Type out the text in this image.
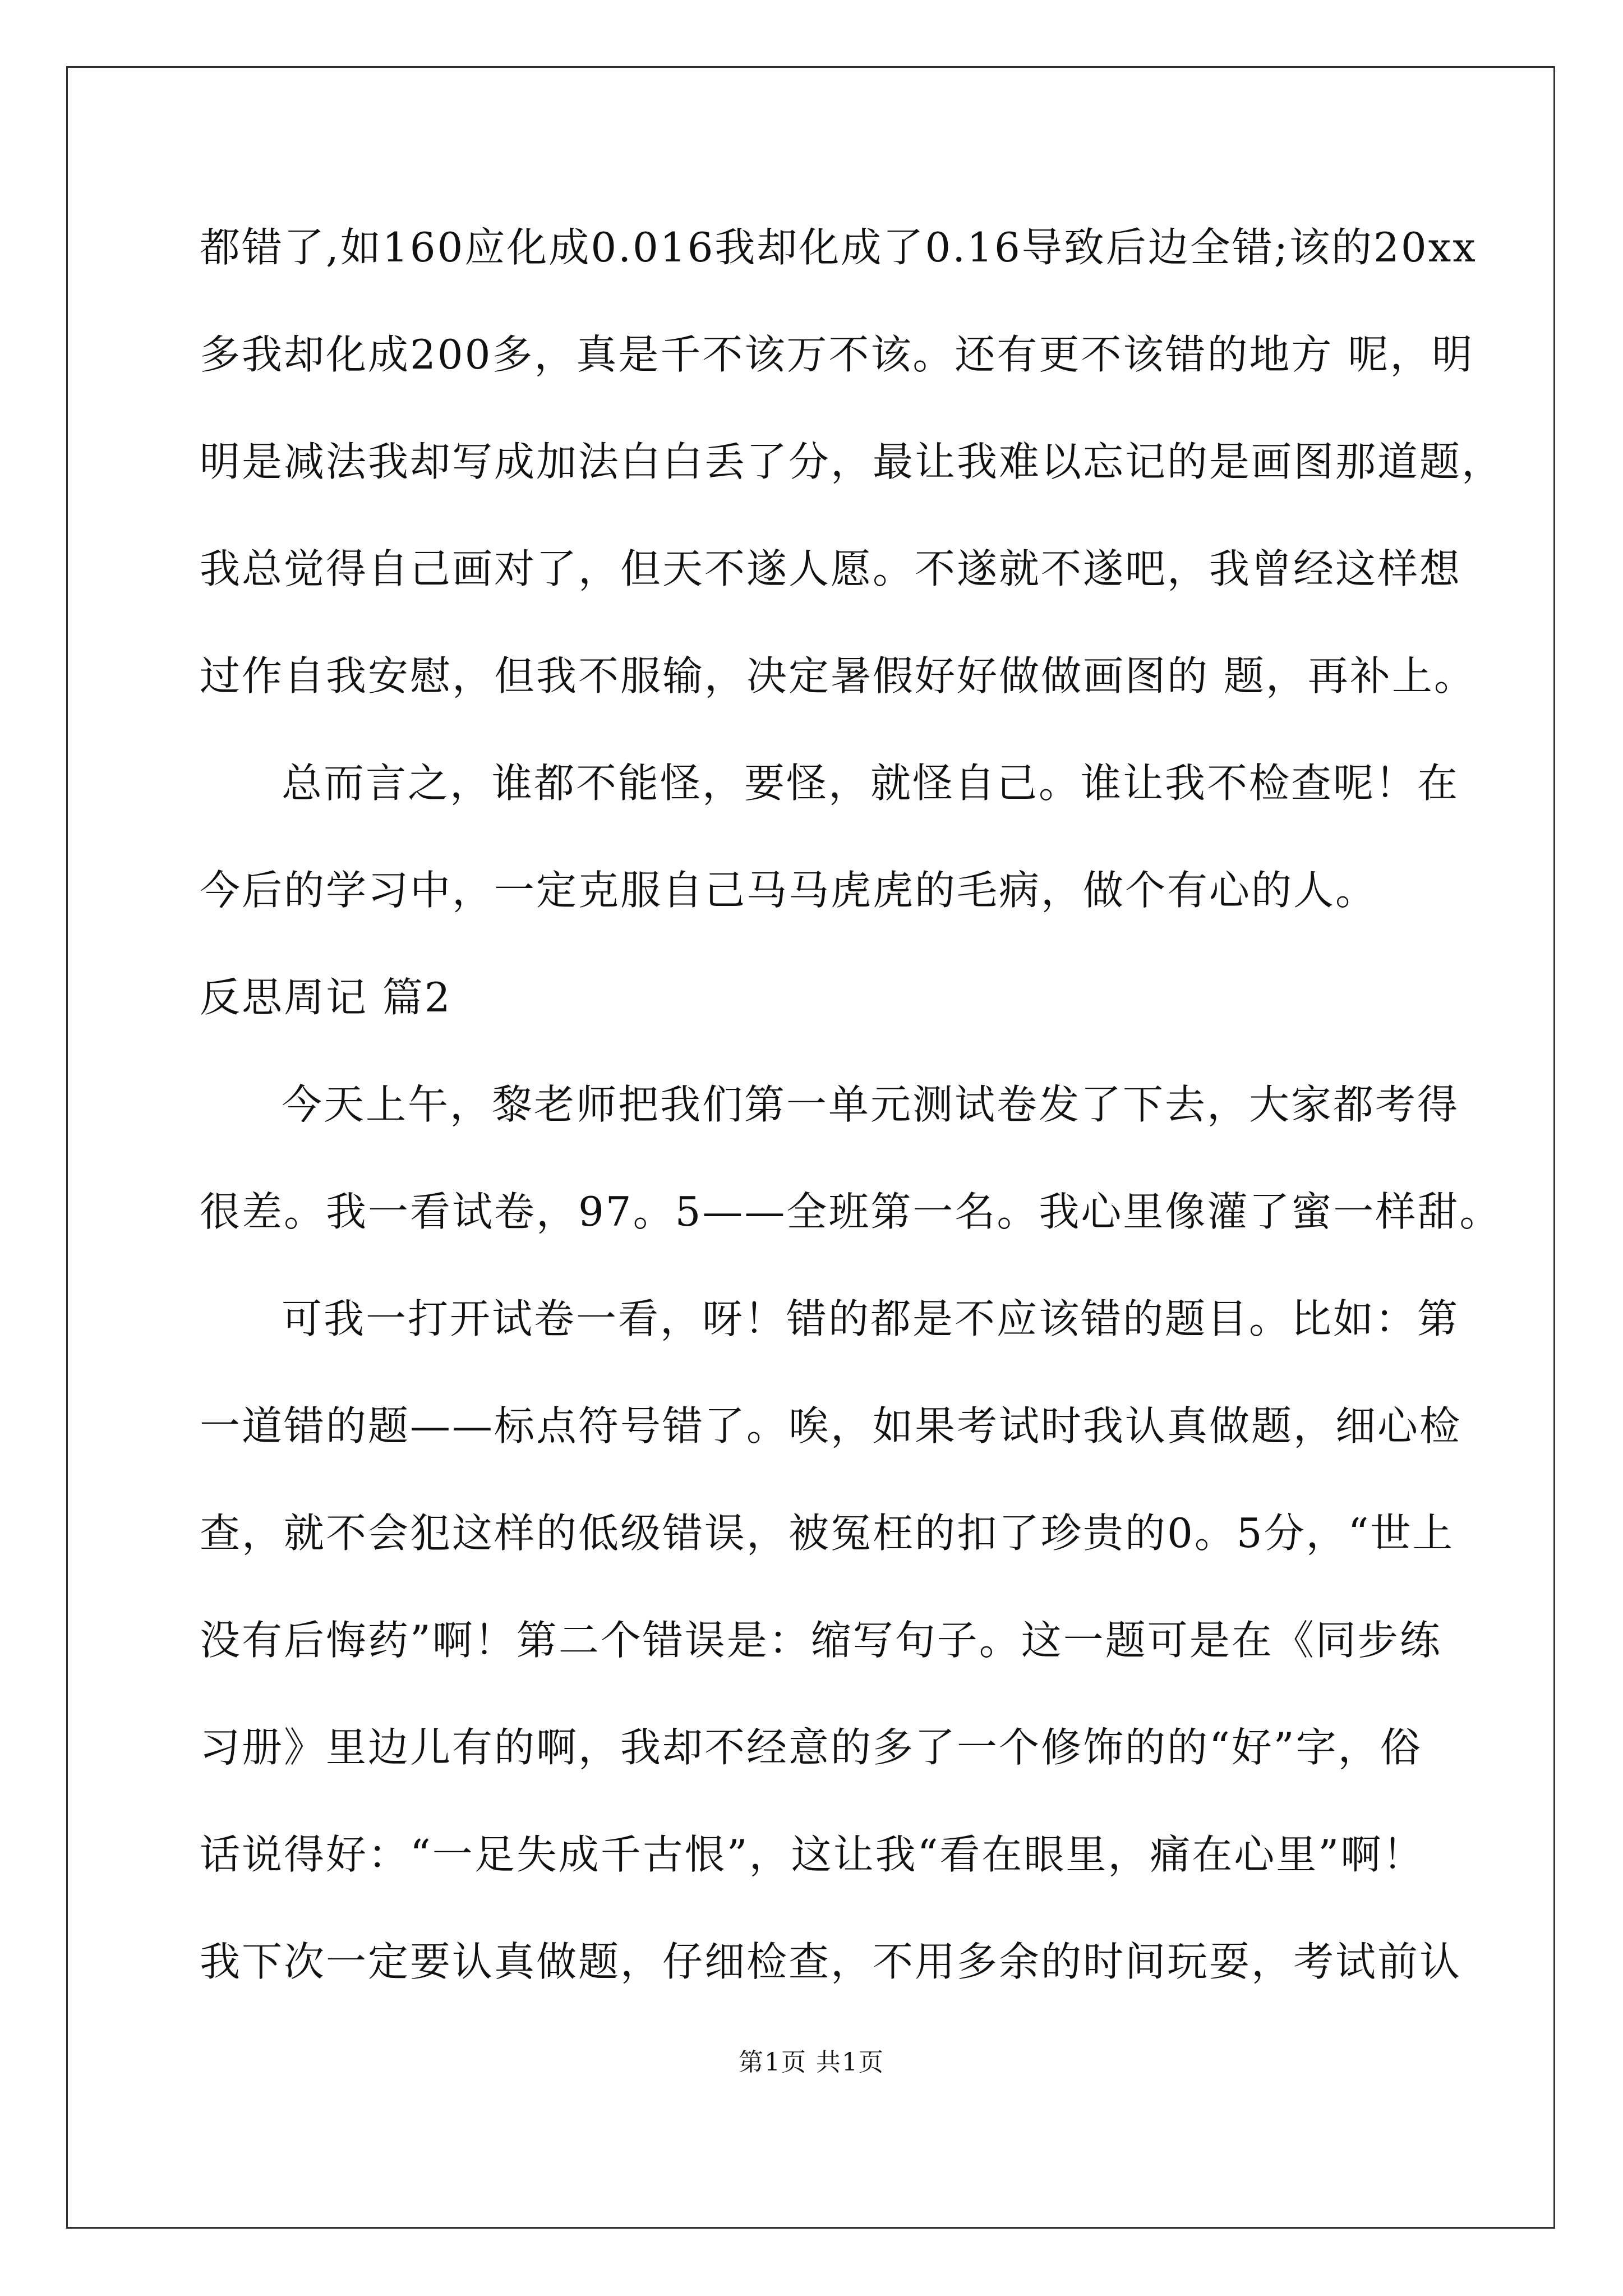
都错了,如160应化成0.016我却化成了0.16导致后边全错;该的20xx
多我却化成200多，真是千不该万不该。还有更不该错的地方 呢，明
明是减法我却写成加法白白丢了分，最让我难以忘记的是画图那道题，
我总觉得自己画对了，但天不遂人愿。不遂就不遂吧，我曾经这样想
过作自我安慰，但我不服输，决定暑假好好做做画图的 题，再补上。
总而言之，谁都不能怪，要怪，就怪自己。谁让我不检查呢！在
今后的学习中，一定克服自己马马虎虎的毛病，做个有心的人。
反思周记 篇2
今天上午，黎老师把我们第一单元测试卷发了下去，大家都考得
很差。我一看试卷，97。5——全班第一名。我心里像灌了蜜一样甜。
可我一打开试卷一看，呀！错的都是不应该错的题目。比如：第
一道错的题——标点符号错了。唉，如果考试时我认真做题，细心检
查，就不会犯这样的低级错误，被冤枉的扣了珍贵的0。5分，“世上
没有后悔药”啊！第二个错误是：缩写句子。这一题可是在《同步练
习册》里边儿有的啊，我却不经意的多了一个修饰的的“好”字，俗
话说得好：“一足失成千古恨”，这让我“看在眼里，痛在心里”啊！
我下次一定要认真做题，仔细检查，不用多余的时间玩耍，考试前认
第1页 共1页
